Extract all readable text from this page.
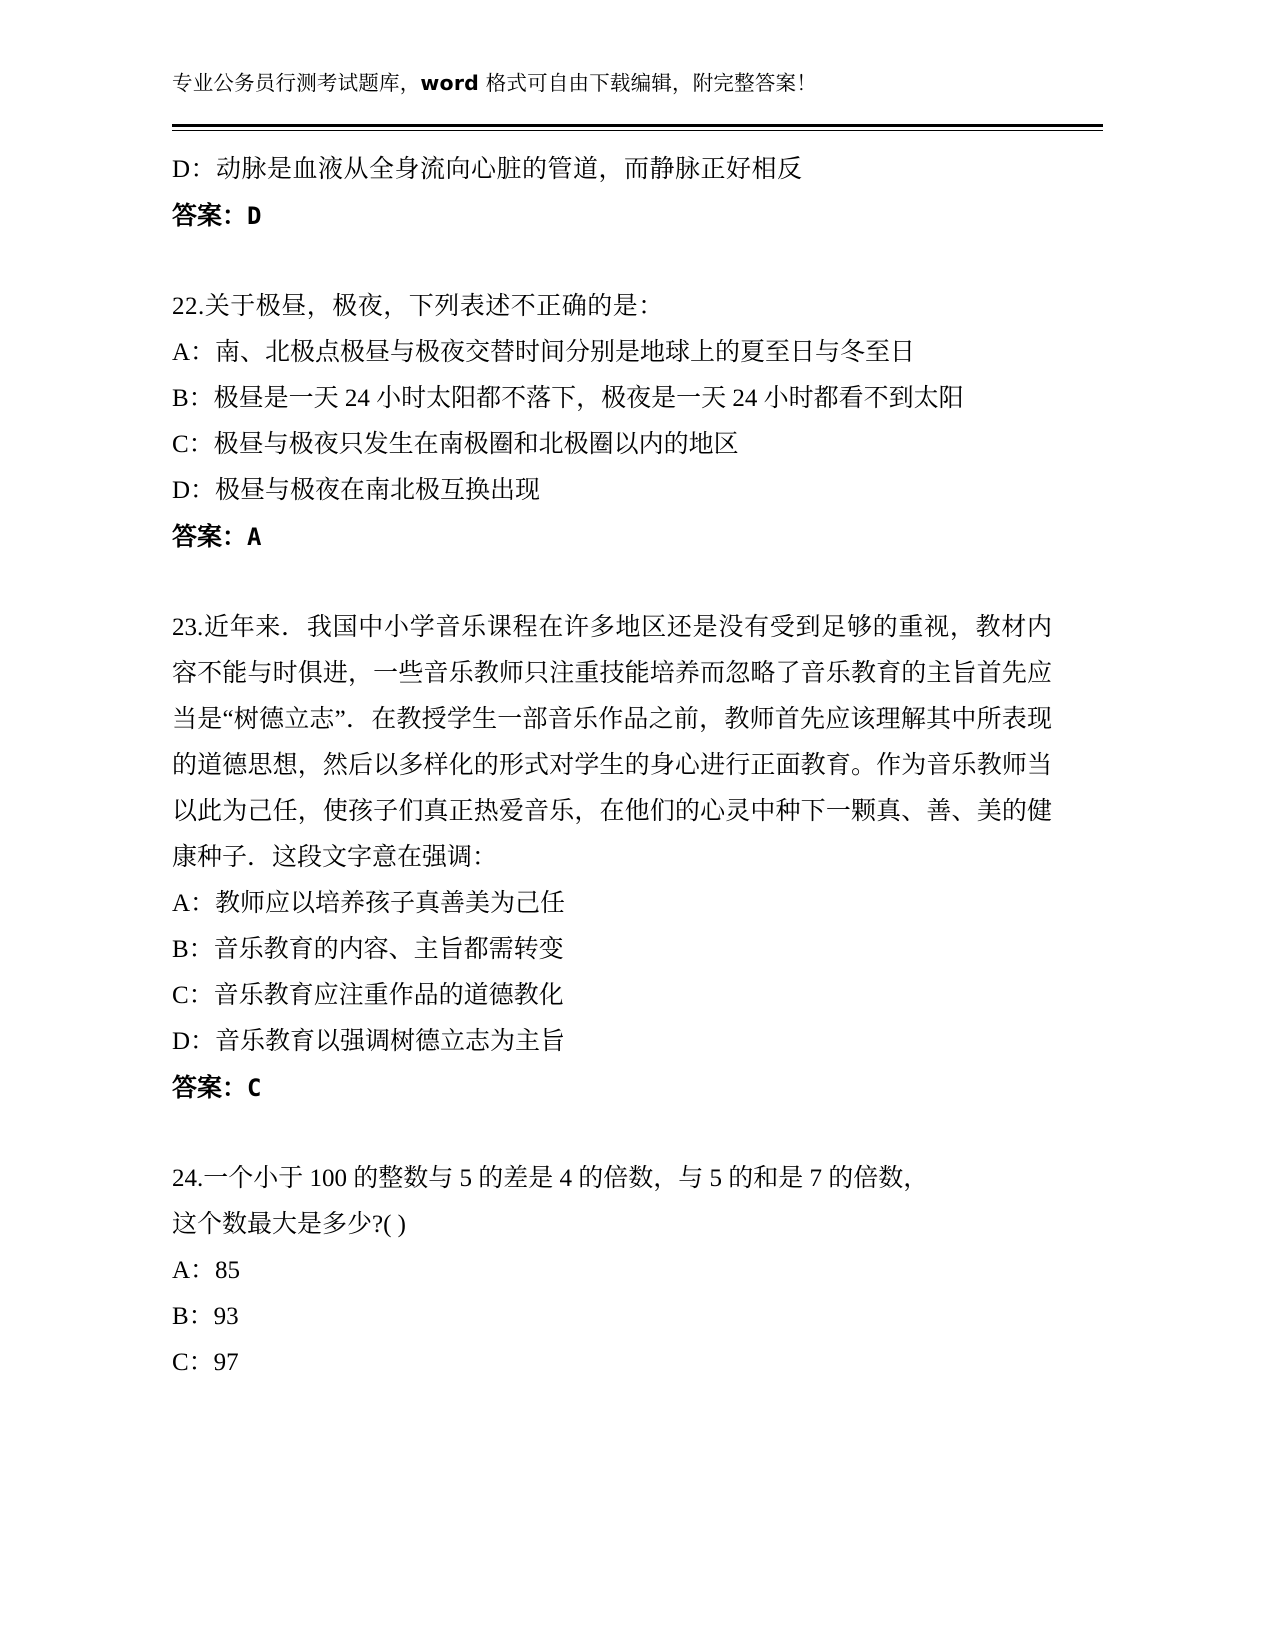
专业公务员行测考试题库，word 格式可自由下载编辑，附完整答案！
D：动脉是血液从全身流向心脏的管道，而静脉正好相反
答案：D
22.关于极昼，极夜，下列表述不正确的是：
A：南、北极点极昼与极夜交替时间分别是地球上的夏至日与冬至日
B：极昼是一天 24 小时太阳都不落下，极夜是一天 24 小时都看不到太阳
C：极昼与极夜只发生在南极圈和北极圈以内的地区
D：极昼与极夜在南北极互换出现
答案：A
23.近年来．我国中小学音乐课程在许多地区还是没有受到足够的重视，教材内容不能与时俱进，一些音乐教师只注重技能培养而忽略了音乐教育的主旨首先应当是“树德立志”．在教授学生一部音乐作品之前，教师首先应该理解其中所表现的道德思想，然后以多样化的形式对学生的身心进行正面教育。作为音乐教师当以此为己任，使孩子们真正热爱音乐，在他们的心灵中种下一颗真、善、美的健康种子．这段文字意在强调：
A：教师应以培养孩子真善美为己任
B：音乐教育的内容、主旨都需转变
C：音乐教育应注重作品的道德教化
D：音乐教育以强调树德立志为主旨
答案：C
24.一个小于 100 的整数与 5 的差是 4 的倍数，与 5 的和是 7 的倍数，
这个数最大是多少?( )
A：85
B：93
C：97
